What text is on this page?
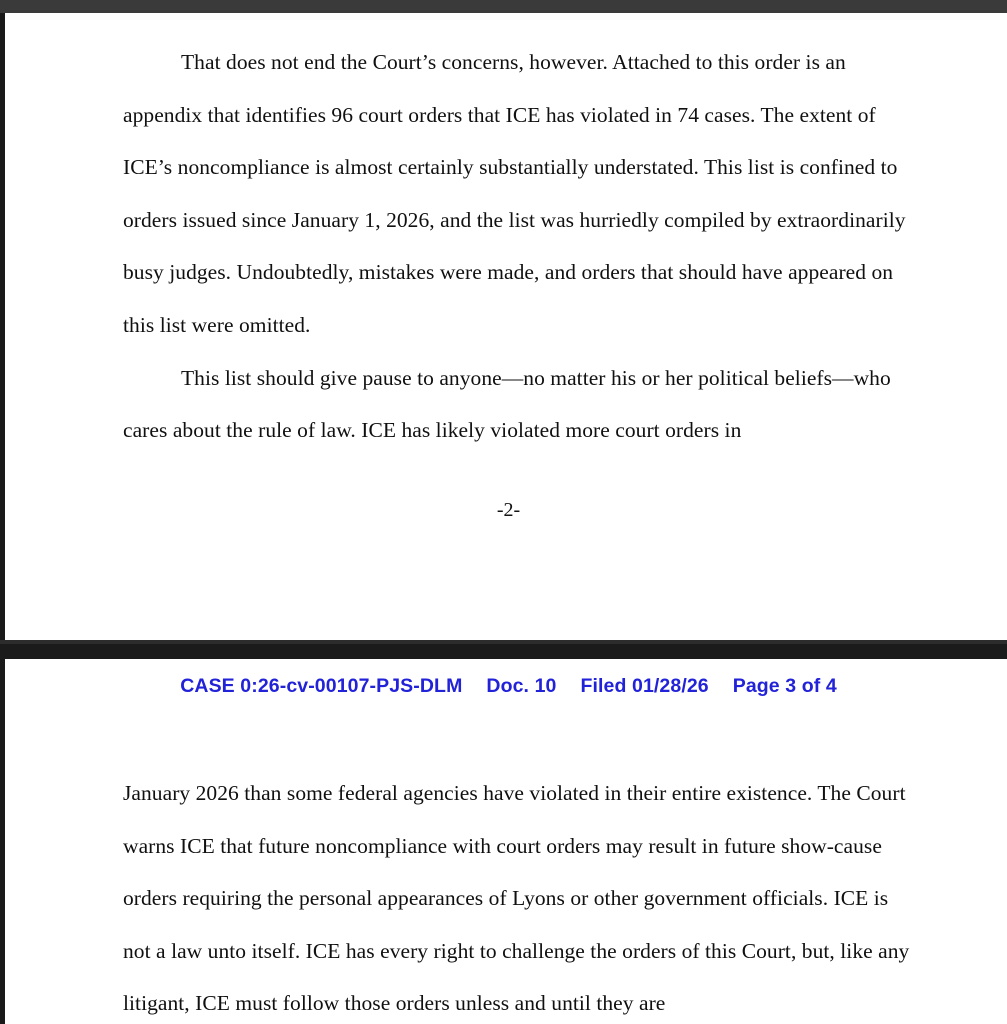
That does not end the Court’s concerns, however. Attached to this order is an appendix that identifies 96 court orders that ICE has violated in 74 cases. The extent of ICE’s noncompliance is almost certainly substantially understated. This list is confined to orders issued since January 1, 2026, and the list was hurriedly compiled by extraordinarily busy judges. Undoubtedly, mistakes were made, and orders that should have appeared on this list were omitted.

This list should give pause to anyone—no matter his or her political beliefs—who cares about the rule of law. ICE has likely violated more court orders in

-2-
CASE 0:26-cv-00107-PJS-DLM Doc. 10 Filed 01/28/26 Page 3 of 4

January 2026 than some federal agencies have violated in their entire existence. The Court warns ICE that future noncompliance with court orders may result in future show-cause orders requiring the personal appearances of Lyons or other government officials. ICE is not a law unto itself. ICE has every right to challenge the orders of this Court, but, like any litigant, ICE must follow those orders unless and until they are
